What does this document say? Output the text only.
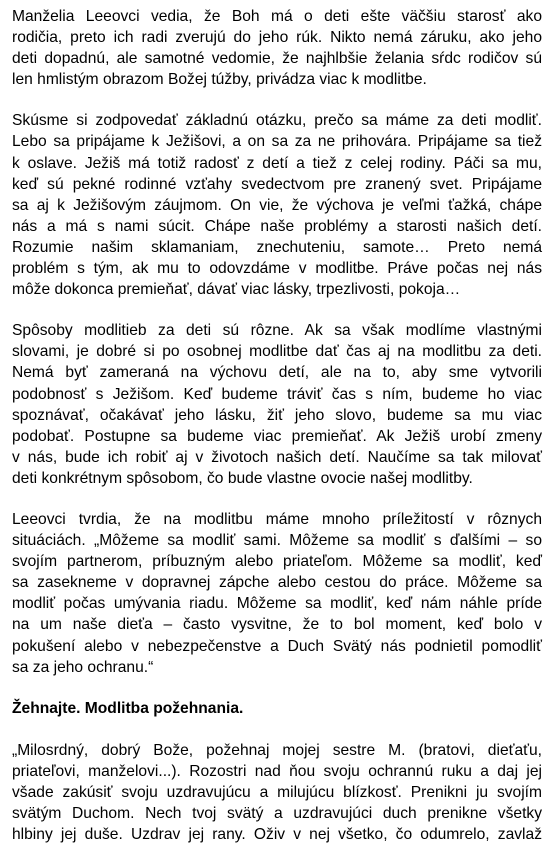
Manželia Leeovci vedia, že Boh má o deti ešte väčšiu starosť ako
rodičia, preto ich radi zverujú do jeho rúk. Nikto nemá záruku, ako jeho
deti dopadnú, ale samotné vedomie, že najhlbšie želania sŕdc rodičov sú
len hmlistým obrazom Božej túžby, privádza viac k modlitbe.
Skúsme si zodpovedať základnú otázku, prečo sa máme za deti modliť.
Lebo sa pripájame k Ježišovi, a on sa za ne prihovára. Pripájame sa tiež
k oslave. Ježiš má totiž radosť z detí a tiež z celej rodiny. Páči sa mu,
keď sú pekné rodinné vzťahy svedectvom pre zranený svet. Pripájame
sa aj k Ježišovým záujmom. On vie, že výchova je veľmi ťažká, chápe
nás a má s nami súcit. Chápe naše problémy a starosti našich detí.
Rozumie našim sklamaniam, znechuteniu, samote… Preto nemá
problém s tým, ak mu to odovzdáme v modlitbe. Práve počas nej nás
môže dokonca premieňať, dávať viac lásky, trpezlivosti, pokoja…
Spôsoby modlitieb za deti sú rôzne. Ak sa však modlíme vlastnými
slovami, je dobré si po osobnej modlitbe dať čas aj na modlitbu za deti.
Nemá byť zameraná na výchovu detí, ale na to, aby sme vytvorili
podobnosť s Ježišom. Keď budeme tráviť čas s ním, budeme ho viac
spoznávať, očakávať jeho lásku, žiť jeho slovo, budeme sa mu viac
podobať. Postupne sa budeme viac premieňať. Ak Ježiš urobí zmeny
v nás, bude ich robiť aj v životoch našich detí. Naučíme sa tak milovať
deti konkrétnym spôsobom, čo bude vlastne ovocie našej modlitby.
Leeovci tvrdia, že na modlitbu máme mnoho príležitostí v rôznych
situáciách. „Môžeme sa modliť sami. Môžeme sa modliť s ďalšími – so
svojím partnerom, príbuzným alebo priateľom. Môžeme sa modliť, keď
sa zasekneme v dopravnej zápche alebo cestou do práce. Môžeme sa
modliť počas umývania riadu. Môžeme sa modliť, keď nám náhle príde
na um naše dieťa – často vysvitne, že to bol moment, keď bolo v
pokušení alebo v nebezpečenstve a Duch Svätý nás podnietil pomodliť
sa za jeho ochranu.“
Žehnajte. Modlitba požehnania.
„Milosrdný, dobrý Bože, požehnaj mojej sestre M. (bratovi, dieťaťu,
priateľovi, manželovi...). Rozostri nad ňou svoju ochrannú ruku a daj jej
všade zakúsiť svoju uzdravujúcu a milujúcu blízkosť. Prenikni ju svojím
svätým Duchom. Nech tvoj svätý a uzdravujúci duch prenikne všetky
hlbiny jej duše. Uzdrav jej rany. Oživ v nej všetko, čo odumrelo, zavlaž
